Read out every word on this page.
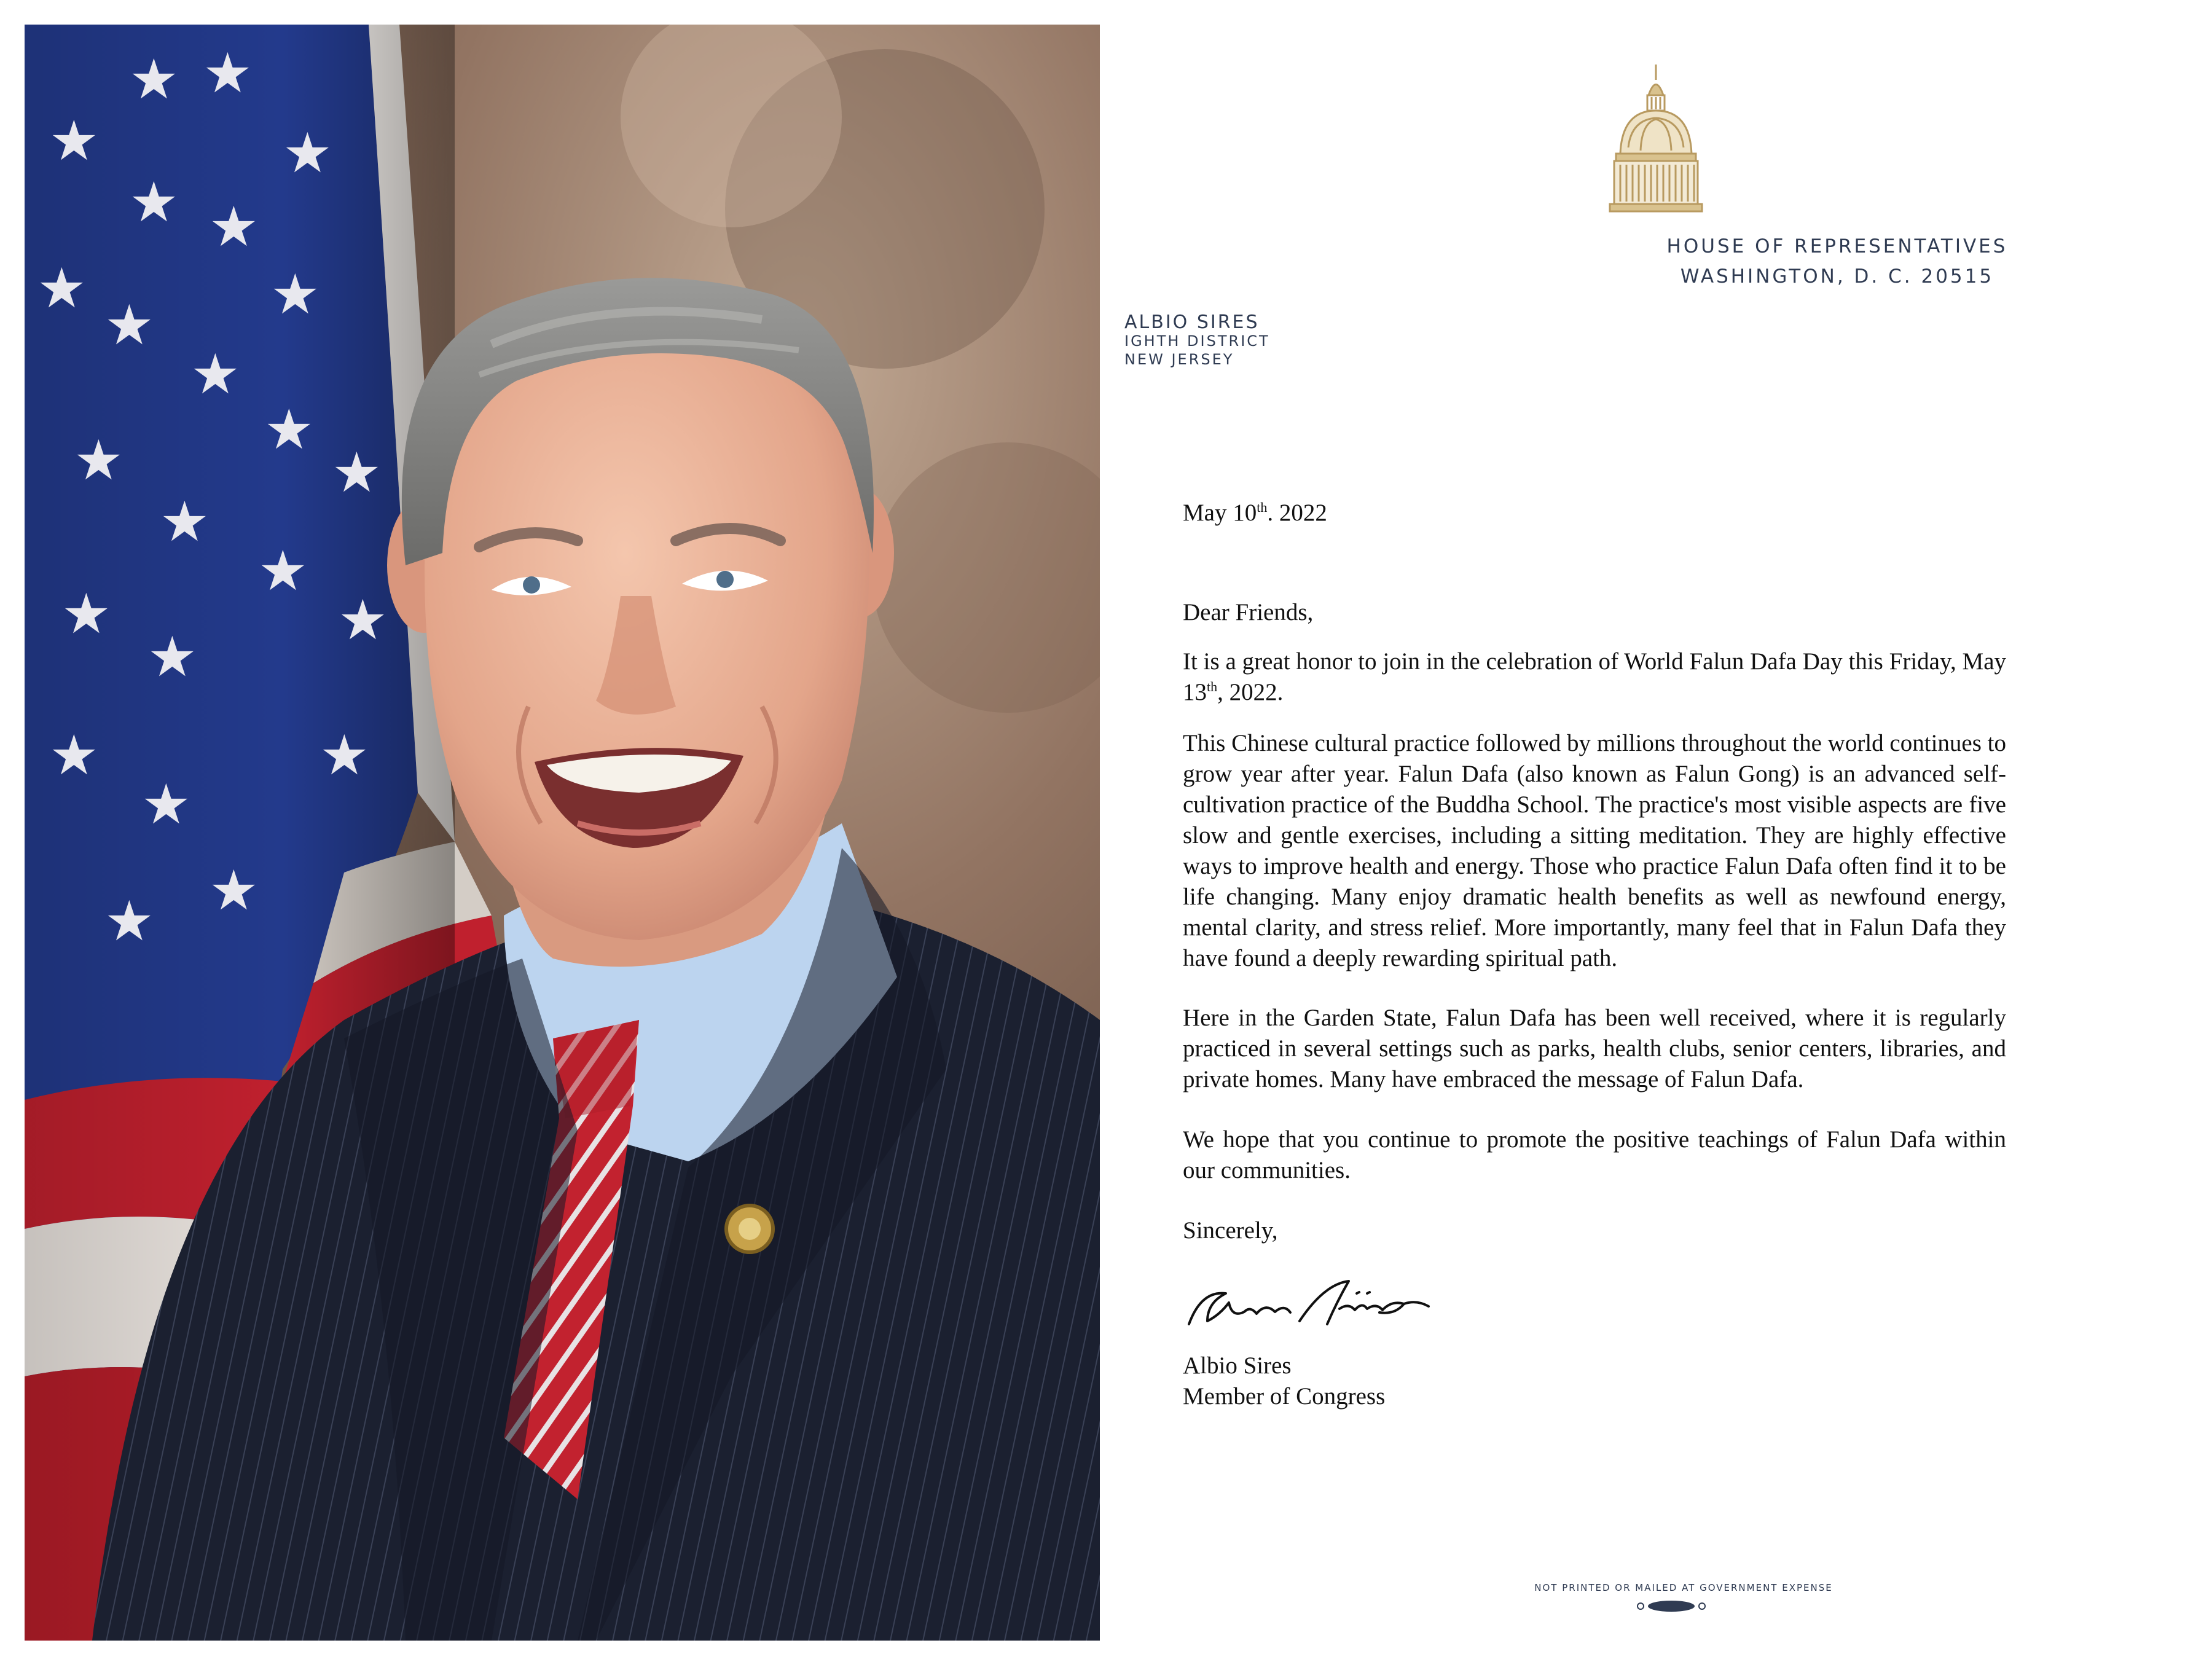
★
★ ★
★
★ ★
★
★ ★
★
★	★
★
★
★
★
★
★
★
★
★
★ ★
HOUSE OF REPRESENTATIVES
WASHINGTON, D. C. 20515
ALBIO SIRES
IGHTH DISTRICT
NEW JERSEY
May 10th. 2022
Dear Friends,

It is a great honor to join in the celebration of World Falun Dafa Day this Friday, May 13th, 2022.

This Chinese cultural practice followed by millions throughout the world continues to grow year after year. Falun Dafa (also known as Falun Gong) is an advanced self-cultivation practice of the Buddha School. The practice's most visible aspects are five slow and gentle exercises, including a sitting meditation. They are highly effective ways to improve health and energy. Those who practice Falun Dafa often find it to be life changing. Many enjoy dramatic health benefits as well as newfound energy, mental clarity, and stress relief. More importantly, many feel that in Falun Dafa they have found a deeply rewarding spiritual path.

Here in the Garden State, Falun Dafa has been well received, where it is regularly practiced in several settings such as parks, health clubs, senior centers, libraries, and private homes. Many have embraced the message of Falun Dafa.

We hope that you continue to promote the positive teachings of Falun Dafa within our communities.

Sincerely,
Albio Sires
Member of Congress
NOT PRINTED OR MAILED AT GOVERNMENT EXPENSE
